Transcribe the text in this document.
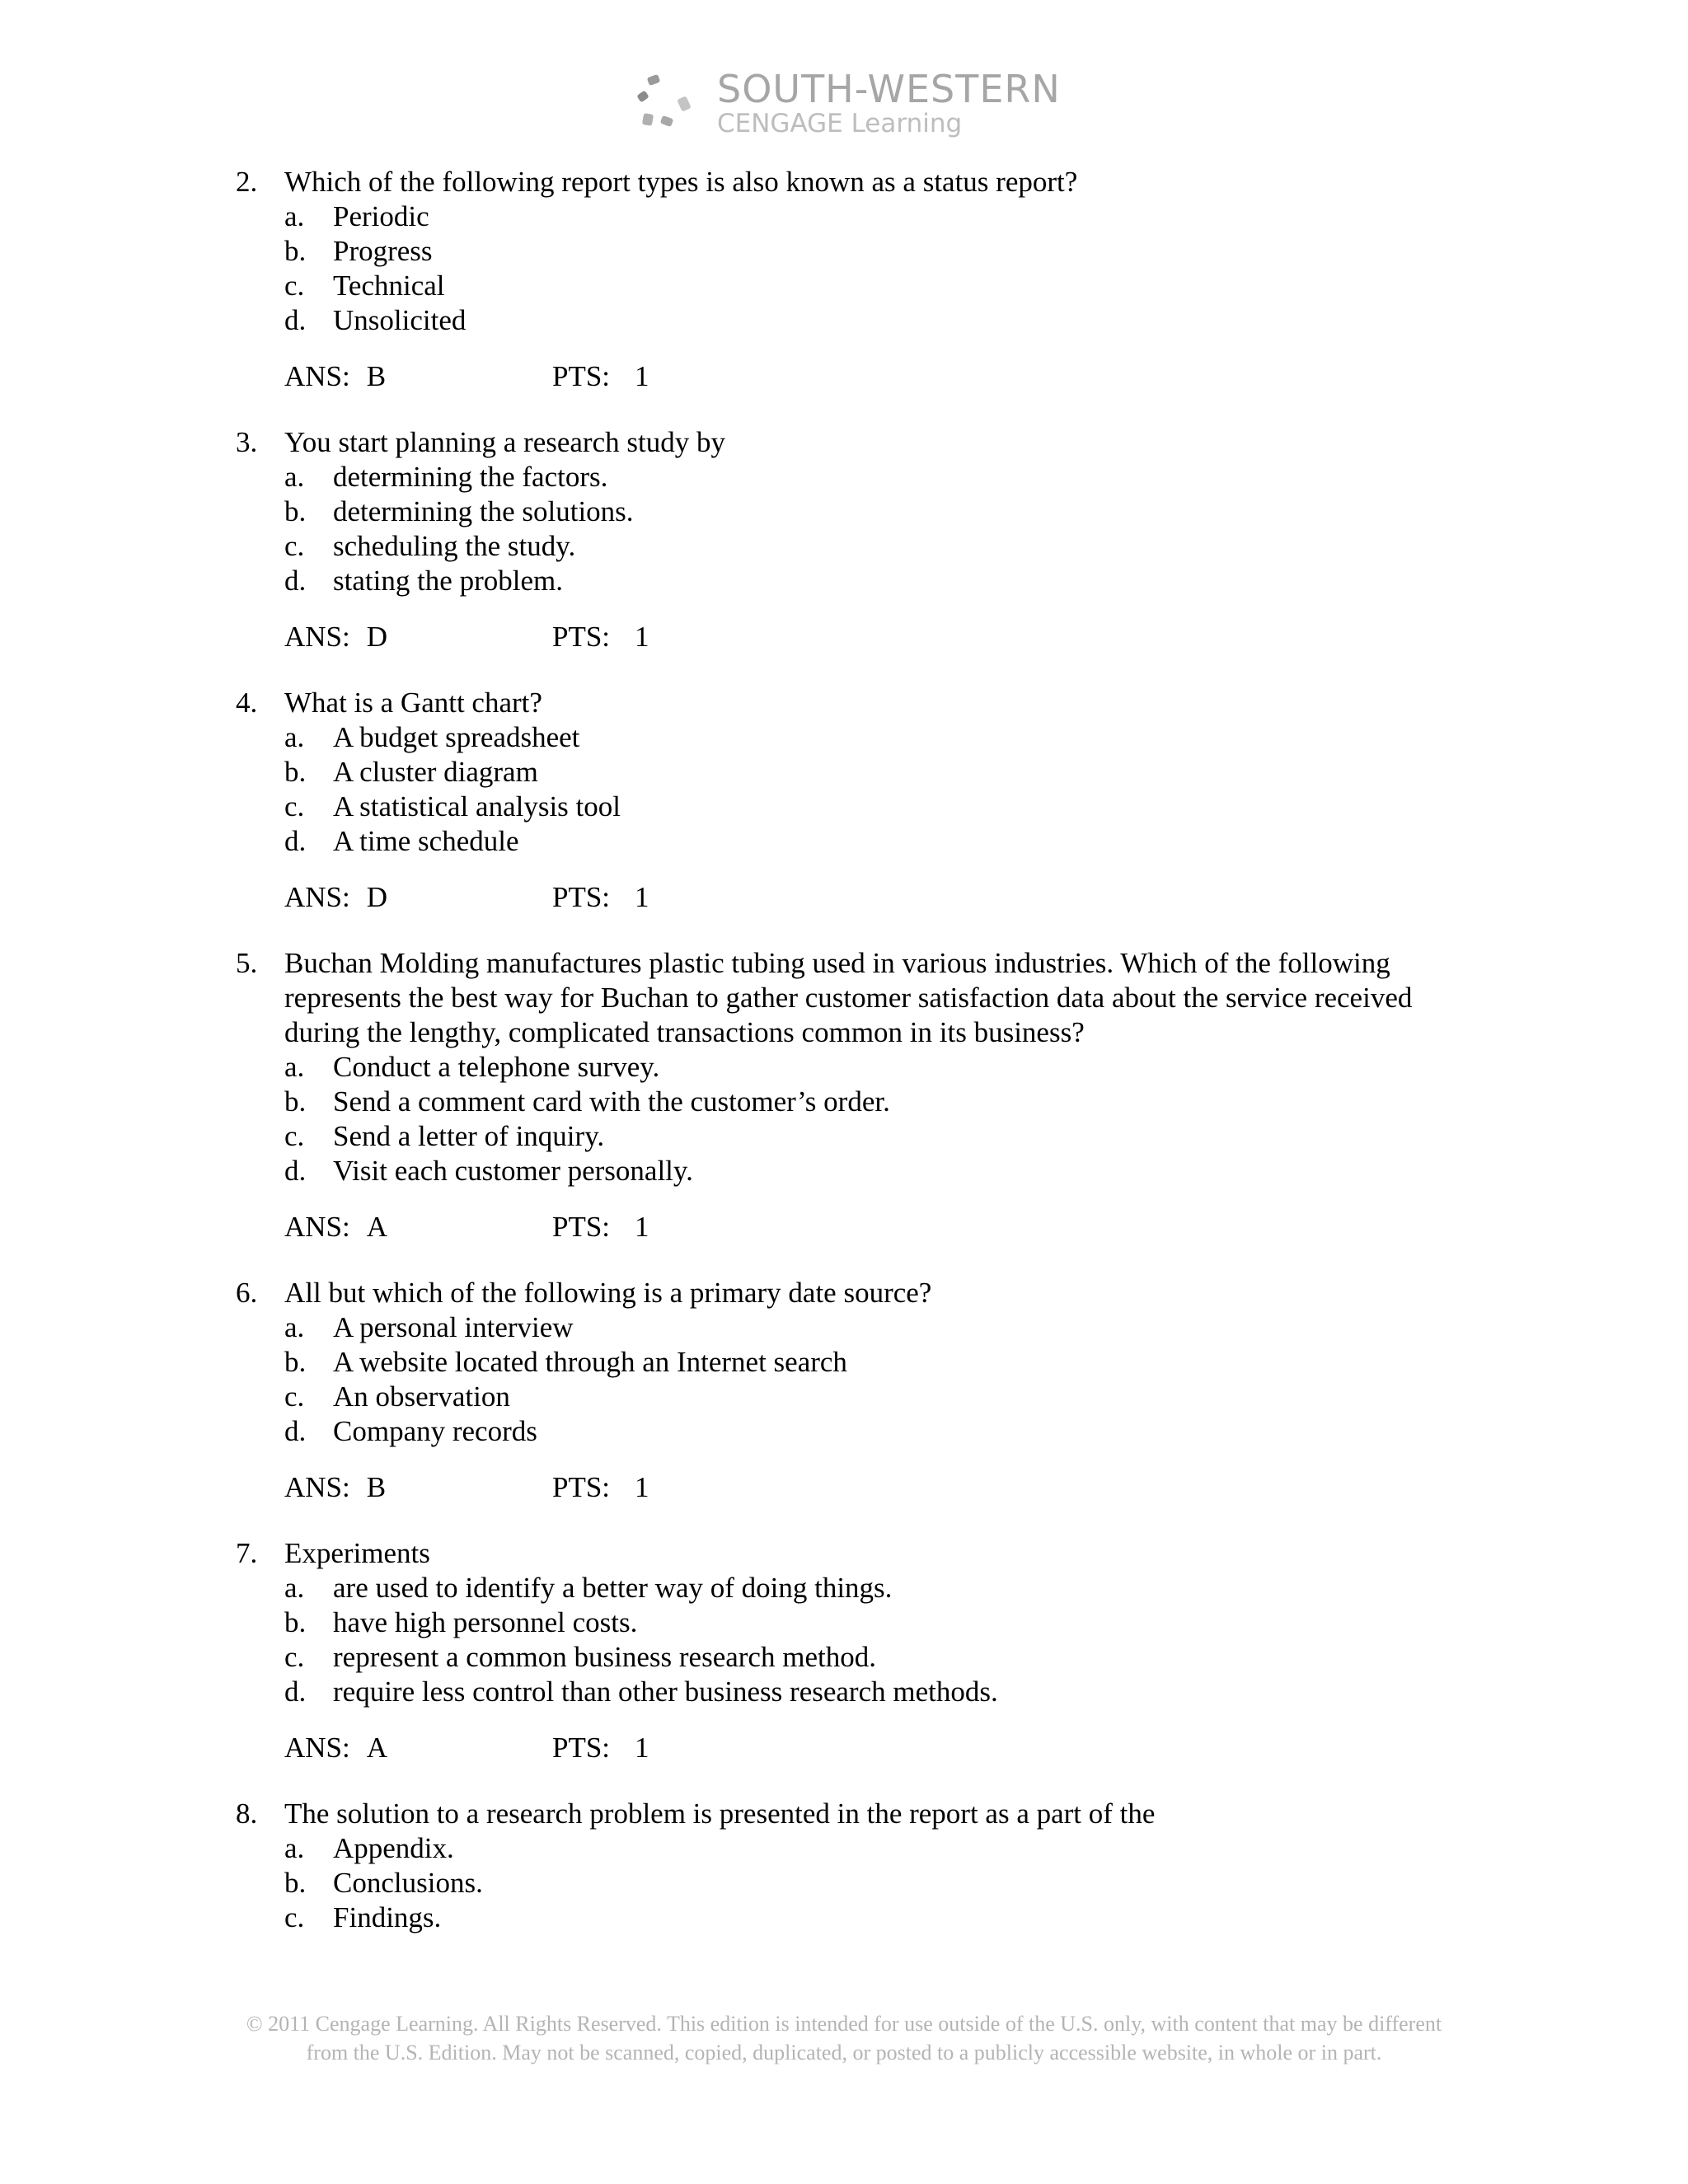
SOUTH-WESTERN
CENGAGE Learning
2. Which of the following report types is also known as a status report?
a. Periodic
b. Progress
c. Technical
d. Unsolicited
ANS: B	PTS: 1
3. You start planning a research study by
a. determining the factors.
b. determining the solutions.
c. scheduling the study.
d. stating the problem.
ANS: D	PTS: 1
4. What is a Gantt chart?
a. A budget spreadsheet
b. A cluster diagram
c. A statistical analysis tool
d. A time schedule
ANS: D	PTS: 1
5. Buchan Molding manufactures plastic tubing used in various industries. Which of the following represents the best way for Buchan to gather customer satisfaction data about the service received during the lengthy, complicated transactions common in its business?
a. Conduct a telephone survey.
b. Send a comment card with the customer’s order.
c. Send a letter of inquiry.
d. Visit each customer personally.
ANS: A	PTS: 1
6. All but which of the following is a primary date source?
a. A personal interview
b. A website located through an Internet search
c. An observation
d. Company records
ANS: B	PTS: 1
7. Experiments
a. are used to identify a better way of doing things.
b. have high personnel costs.
c. represent a common business research method.
d. require less control than other business research methods.
ANS: A	PTS: 1
8. The solution to a research problem is presented in the report as a part of the
a. Appendix.
b. Conclusions.
c. Findings.
© 2011 Cengage Learning. All Rights Reserved. This edition is intended for use outside of the U.S. only, with content that may be different
from the U.S. Edition. May not be scanned, copied, duplicated, or posted to a publicly accessible website, in whole or in part.
